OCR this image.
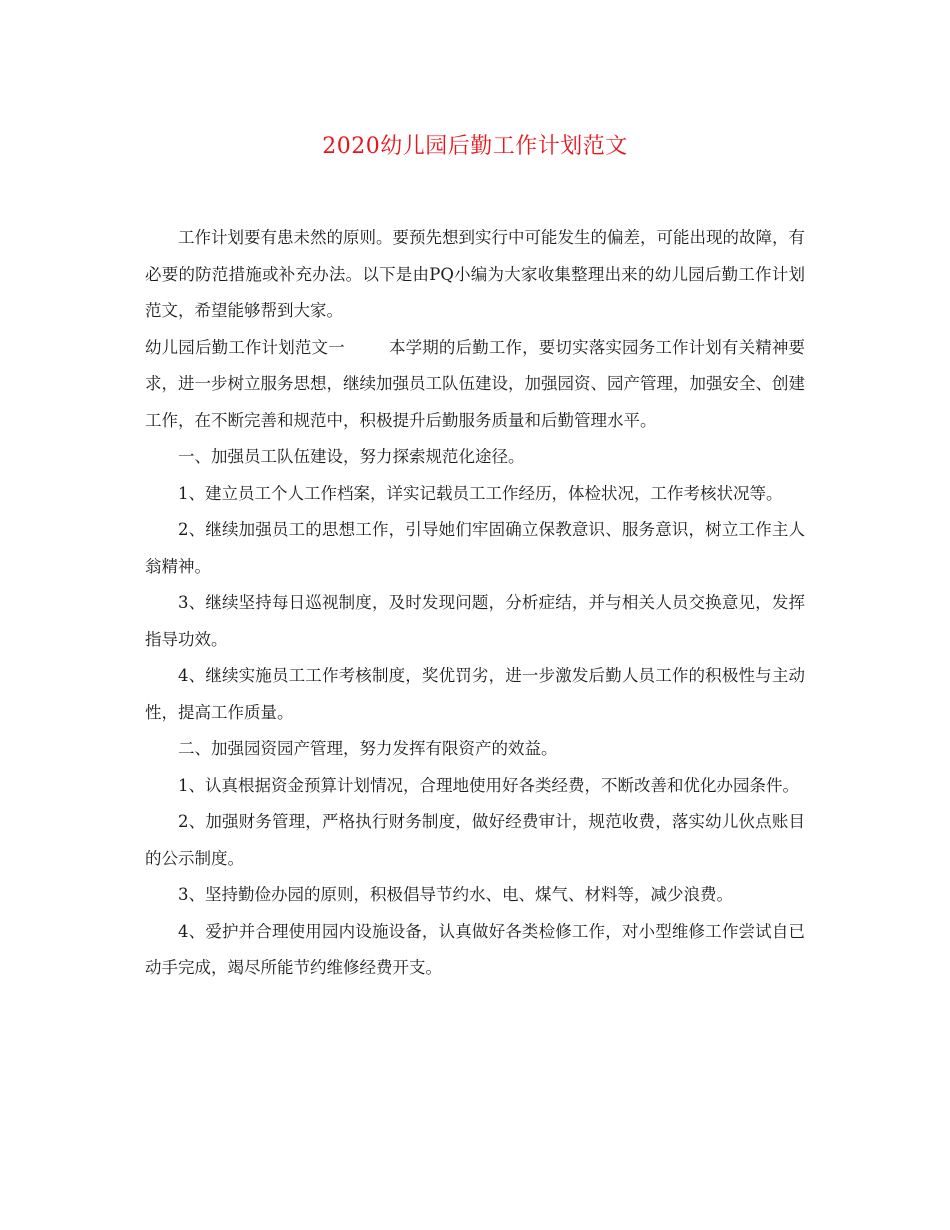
2020幼儿园后勤工作计划范文

工作计划要有患未然的原则。要预先想到实行中可能发生的偏差，可能出现的故障，有必要的防范措施或补充办法。以下是由PQ小编为大家收集整理出来的幼儿园后勤工作计划范文，希望能够帮到大家。

幼儿园后勤工作计划范文一	本学期的后勤工作，要切实落实园务工作计划有关精神要求，进一步树立服务思想，继续加强员工队伍建设，加强园资、园产管理，加强安全、创建工作，在不断完善和规范中，积极提升后勤服务质量和后勤管理水平。

一、加强员工队伍建设，努力探索规范化途径。

1、建立员工个人工作档案，详实记载员工工作经历，体检状况，工作考核状况等。

2、继续加强员工的思想工作，引导她们牢固确立保教意识、服务意识，树立工作主人翁精神。

3、继续坚持每日巡视制度，及时发现问题，分析症结，并与相关人员交换意见，发挥指导功效。

4、继续实施员工工作考核制度，奖优罚劣，进一步激发后勤人员工作的积极性与主动性，提高工作质量。

二、加强园资园产管理，努力发挥有限资产的效益。

1、认真根据资金预算计划情况，合理地使用好各类经费，不断改善和优化办园条件。

2、加强财务管理，严格执行财务制度，做好经费审计，规范收费，落实幼儿伙点账目的公示制度。

3、坚持勤俭办园的原则，积极倡导节约水、电、煤气、材料等，减少浪费。

4、爱护并合理使用园内设施设备，认真做好各类检修工作，对小型维修工作尝试自已动手完成，竭尽所能节约维修经费开支。
